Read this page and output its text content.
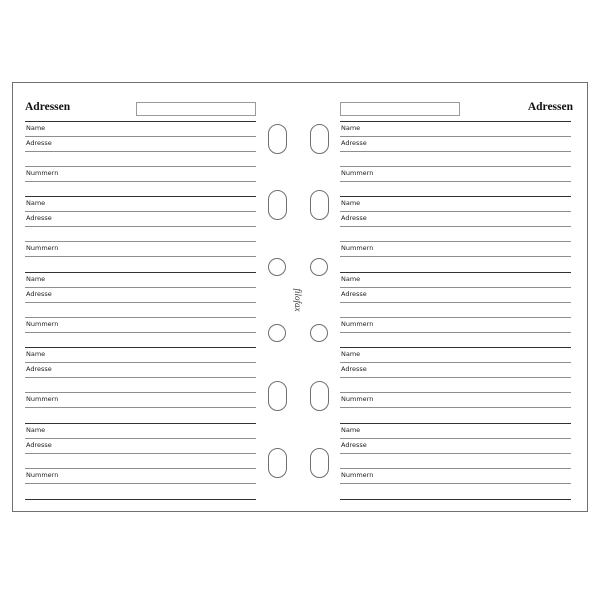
Adressen	Adressen
Name
Adresse
Nummern
Name
Adresse
Nummern
Name
Adresse
Nummern
Name
Adresse
Nummern
Name
Adresse
Nummern
Name
Adresse
Nummern
Name
Adresse
Nummern
Name
Adresse
Nummern
Name
Adresse
Nummern
Name
Adresse
Nummern
filofax
